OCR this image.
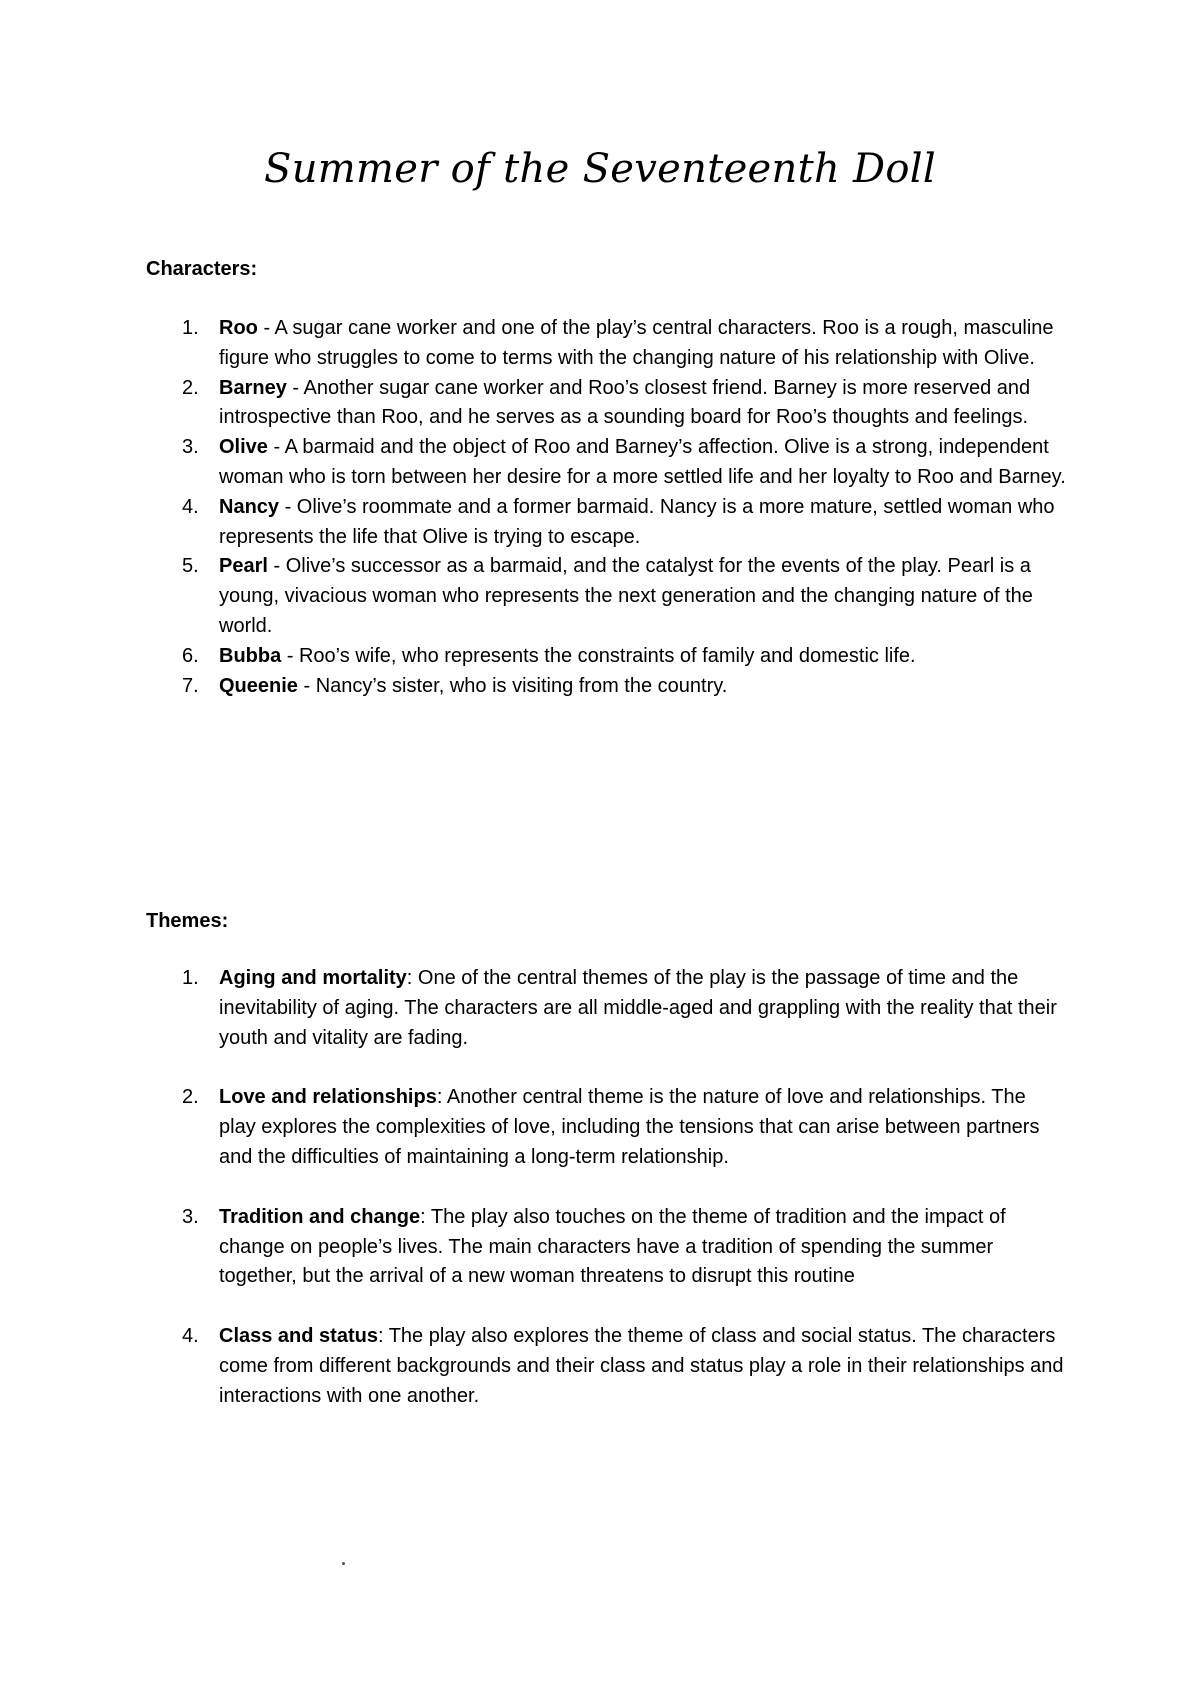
Summer of the Seventeenth Doll
Characters:
1.	Roo - A sugar cane worker and one of the play’s central characters. Roo is a rough, masculine figure who struggles to come to terms with the changing nature of his relationship with Olive.
2.	Barney - Another sugar cane worker and Roo’s closest friend. Barney is more reserved and introspective than Roo, and he serves as a sounding board for Roo’s thoughts and feelings.
3.	Olive - A barmaid and the object of Roo and Barney’s affection. Olive is a strong, independent woman who is torn between her desire for a more settled life and her loyalty to Roo and Barney.
4.	Nancy - Olive’s roommate and a former barmaid. Nancy is a more mature, settled woman who represents the life that Olive is trying to escape.
5.	Pearl - Olive’s successor as a barmaid, and the catalyst for the events of the play. Pearl is a young, vivacious woman who represents the next generation and the changing nature of the world.
6.	Bubba - Roo’s wife, who represents the constraints of family and domestic life.
7.	Queenie - Nancy’s sister, who is visiting from the country.
Themes:
1.	Aging and mortality: One of the central themes of the play is the passage of time and the inevitability of aging. The characters are all middle-aged and grappling with the reality that their youth and vitality are fading.
2.	Love and relationships: Another central theme is the nature of love and relationships. The play explores the complexities of love, including the tensions that can arise between partners and the difficulties of maintaining a long-term relationship.
3.	Tradition and change: The play also touches on the theme of tradition and the impact of change on people’s lives. The main characters have a tradition of spending the summer together, but the arrival of a new woman threatens to disrupt this routine
4.	Class and status: The play also explores the theme of class and social status. The characters come from different backgrounds and their class and status play a role in their relationships and interactions with one another.
